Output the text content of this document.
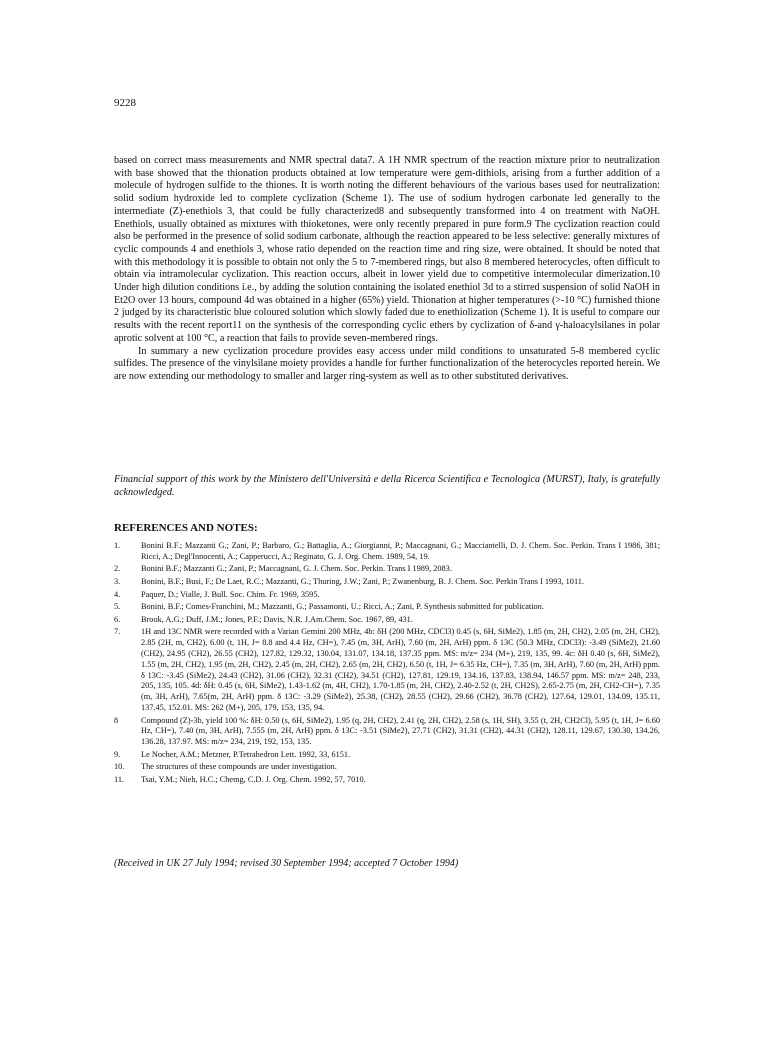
9228

based on correct mass measurements and NMR spectral data7. A 1H NMR spectrum of the reaction mixture prior to neutralization with base showed that the thionation products obtained at low temperature were gem-dithiols, arising from a further addition of a molecule of hydrogen sulfide to the thiones. It is worth noting the different behaviours of the various bases used for neutralization: solid sodium hydroxide led to complete cyclization (Scheme 1). The use of sodium hydrogen carbonate led generally to the intermediate (Z)-enethiols 3, that could be fully characterized8 and subsequently transformed into 4 on treatment with NaOH. Enethiols, usually obtained as mixtures with thioketones, were only recently prepared in pure form.9 The cyclization reaction could also be performed in the presence of solid sodium carbonate, although the reaction appeared to be less selective: generally mixtures of cyclic compounds 4 and enethiols 3, whose ratio depended on the reaction time and ring size, were obtained. It should be noted that with this methodology it is possible to obtain not only the 5 to 7-membered rings, but also 8 membered heterocycles, often difficult to obtain via intramolecular cyclization. This reaction occurs, albeit in lower yield due to competitive intermolecular dimerization.10 Under high dilution conditions i.e., by adding the solution containing the isolated enethiol 3d to a stirred suspension of solid NaOH in Et2O over 13 hours, compound 4d was obtained in a higher (65%) yield. Thionation at higher temperatures (>-10 °C) furnished thione 2 judged by its characteristic blue coloured solution which slowly faded due to enethiolization (Scheme 1). It is useful to compare our results with the recent report11 on the synthesis of the corresponding cyclic ethers by cyclization of δ-and γ-haloacylsilanes in polar aprotic solvent at 100 °C, a reaction that fails to provide seven-membered rings.

In summary a new cyclization procedure provides easy access under mild conditions to unsaturated 5-8 membered cyclic sulfides. The presence of the vinylsilane moiety provides a handle for further functionalization of the heterocycles reported herein. We are now extending our methodology to smaller and larger ring-system as well as to other substituted derivatives.

Financial support of this work by the Ministero dell'Università e della Ricerca Scientifica e Tecnologica (MURST), Italy, is gratefully acknowledged.
REFERENCES AND NOTES:
1.	Bonini B.F.; Mazzanti G.; Zani, P.; Barbaro, G.; Battaglia, A.; Giorgianni, P.; Maccagnani, G.; Macciantelli, D. J. Chem. Soc. Perkin. Trans I 1986, 381; Ricci, A.; Degl'Innocenti, A.; Capperucci, A.; Reginato, G. J. Org. Chem. 1989, 54, 19.
2.	Bonini B.F.; Mazzanti G.; Zani, P.; Maccagnani, G. J. Chem. Soc. Perkin. Trans I 1989, 2083.
3.	Bonini, B.F.; Busi, F.; De Laet, R.C.; Mazzanti, G.; Thuring, J.W.; Zani, P.; Zwanenburg, B. J. Chem. Soc. Perkin Trans I 1993, 1011.
4.	Paquer, D.; Vialle, J. Bull. Soc. Chim. Fr. 1969, 3595.
5.	Bonini, B.F.; Comes-Franchini, M.; Mazzanti, G.; Passamonti, U.; Ricci, A.; Zani, P. Synthesis submitted for publication.
6.	Brook, A.G.; Duff, J.M.; Jones, P.F.; Davis, N.R. J.Am.Chem. Soc. 1967, 89, 431.
7.	1H and 13C NMR were recorded with a Varian Gemini 200 MHz, 4b: δH (200 MHz, CDCl3) 0.45 (s, 6H, SiMe2), 1.85 (m, 2H, CH2), 2.05 (m, 2H, CH2), 2.85 (2H, m, CH2), 6.00 (t, 1H, J= 8.8 and 4.4 Hz, CH=), 7.45 (m, 3H, ArH), 7.60 (m, 2H, ArH) ppm. δ 13C (50.3 MHz, CDCl3): -3.49 (SiMe2), 21.60 (CH2), 24.95 (CH2), 26.55 (CH2), 127.82, 129.32, 130.04, 131.07, 134.18, 137.35 ppm. MS: m/z= 234 (M+), 219, 135, 99. 4c: δH 0.40 (s, 6H, SiMe2), 1.55 (m, 2H, CH2), 1.95 (m, 2H, CH2), 2.45 (m, 2H, CH2), 2.65 (m, 2H, CH2), 6.50 (t, 1H, J= 6.35 Hz, CH=), 7.35 (m, 3H, ArH), 7.60 (m, 2H, ArH) ppm. δ 13C: -3.45 (SiMe2), 24.43 (CH2), 31.06 (CH2), 32.31 (CH2), 34.51 (CH2), 127.81, 129.19, 134.16, 137.83, 138.94, 146.57 ppm. MS: m/z= 248, 233, 205, 135, 105. 4d: δH: 0.45 (s, 6H, SiMe2), 1.43-1.62 (m, 4H, CH2), 1.70-1.85 (m, 2H, CH2), 2.40-2.52 (t, 2H, CH2S), 2.65-2.75 (m, 2H, CH2-CH=), 7.35 (m, 3H, ArH), 7.65(m, 2H, ArH) ppm. δ 13C: -3.29 (SiMe2), 25.38, (CH2), 28.55 (CH2), 29.66 (CH2), 36.78 (CH2), 127.64, 129.01, 134.09, 135.11, 137.45, 152.01. MS: 262 (M+), 205, 179, 153, 135, 94.
8	Compound (Z)-3b, yield 100 %: δH: 0.50 (s, 6H, SiMe2), 1.95 (q, 2H, CH2), 2.41 (q, 2H, CH2), 2.58 (s, 1H, SH), 3.55 (t, 2H, CH2Cl), 5.95 (t, 1H, J= 6.60 Hz, CH=), 7.40 (m, 3H, ArH), 7.555 (m, 2H, ArH) ppm. δ 13C: -3.51 (SiMe2), 27.71 (CH2), 31.31 (CH2), 44.31 (CH2), 128.11, 129.67, 130.30, 134.26, 136.28, 137.97. MS: m/z= 234, 219, 192, 153, 135.
9.	Le Nocher, A.M.; Metzner, P.Tetrahedron Lett. 1992, 33, 6151.
10. The structures of these compounds are under investigation.
11. Tsai, Y.M.; Nieh, H.C.; Chemg, C.D. J. Org. Chem. 1992, 57, 7010.
(Received in UK 27 July 1994; revised 30 September 1994; accepted 7 October 1994)
